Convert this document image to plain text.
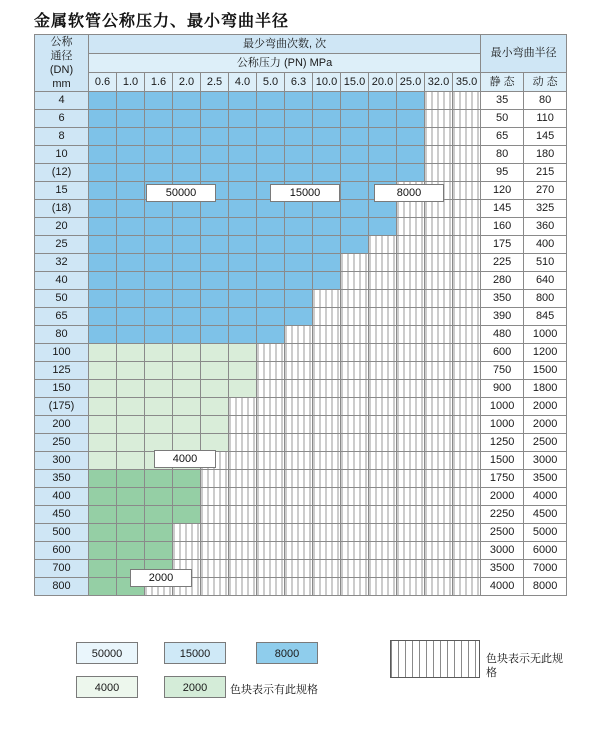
金属软管公称压力、最小弯曲半径
公称
通径
(DN)
mm	最少弯曲次数, 次														最小弯曲半径	
	公称压力 (PN) MPa															
	0.6	1.0	1.6	2.0	2.5	4.0	5.0	6.3	10.0	15.0	20.0	25.0	32.0	35.0	静 态	动 态
4															35	80
6															50	110
8															65	145
10															80	180
(12)															95	215
15															120	270
(18)															145	325
20															160	360
25															175	400
32															225	510
40															280	640
50															350	800
65															390	845
80															480	1000
100															600	1200
125															750	1500
150															900	1800
(175)															1000	2000
200															1000	2000
250															1250	2500
300															1500	3000
350															1750	3500
400															2000	4000
450															2250	4500
500															2500	5000
600															3000	6000
700															3500	7000
800															4000	8000
50000	15000	8000
4000
2000
色块表示无此规格
50000	15000	8000
4000	2000	色块表示有此规格
